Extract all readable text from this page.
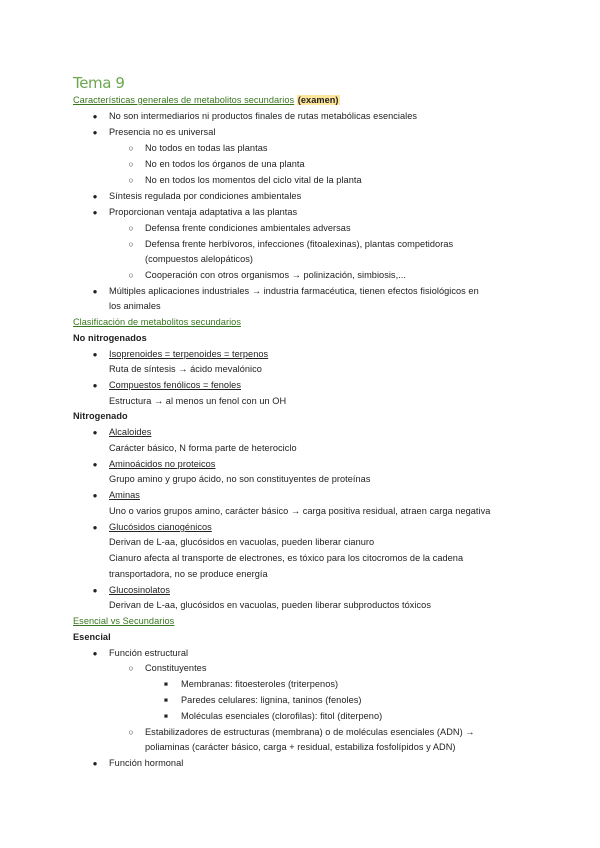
Tema 9
Características generales de metabolitos secundarios (examen)
●	No son intermediarios ni productos finales de rutas metabólicas esenciales
●	Presencia no es universal
○	No todos en todas las plantas
○	No en todos los órganos de una planta
○	No en todos los momentos del ciclo vital de la planta
●	Síntesis regulada por condiciones ambientales
●	Proporcionan ventaja adaptativa a las plantas
○	Defensa frente condiciones ambientales adversas
○	Defensa frente herbívoros, infecciones (fitoalexinas), plantas competidoras
(compuestos alelopáticos)
○	Cooperación con otros organismos → polinización, simbiosis,...
●	Múltiples aplicaciones industriales → industria farmacéutica, tienen efectos fisiológicos en
los animales
Clasificación de metabolitos secundarios
No nitrogenados
●	Isoprenoides = terpenoides = terpenos
Ruta de síntesis → ácido mevalónico
●	Compuestos fenólicos = fenoles
Estructura → al menos un fenol con un OH
Nitrogenado
●	Alcaloides
Carácter básico, N forma parte de heterociclo
●	Aminoácidos no proteicos
Grupo amino y grupo ácido, no son constituyentes de proteínas
●	Aminas
Uno o varios grupos amino, carácter básico → carga positiva residual, atraen carga negativa
●	Glucósidos cianogénicos
Derivan de L-aa, glucósidos en vacuolas, pueden liberar cianuro
Cianuro afecta al transporte de electrones, es tóxico para los citocromos de la cadena
transportadora, no se produce energía
●	Glucosinolatos
Derivan de L-aa, glucósidos en vacuolas, pueden liberar subproductos tóxicos
Esencial vs Secundarios
Esencial
●	Función estructural
○	Constituyentes
■	Membranas: fitoesteroles (triterpenos)
■	Paredes celulares: lignina, taninos (fenoles)
■	Moléculas esenciales (clorofilas): fitol (diterpeno)
○	Estabilizadores de estructuras (membrana) o de moléculas esenciales (ADN) →
poliaminas (carácter básico, carga + residual, estabiliza fosfolípidos y ADN)
●	Función hormonal
